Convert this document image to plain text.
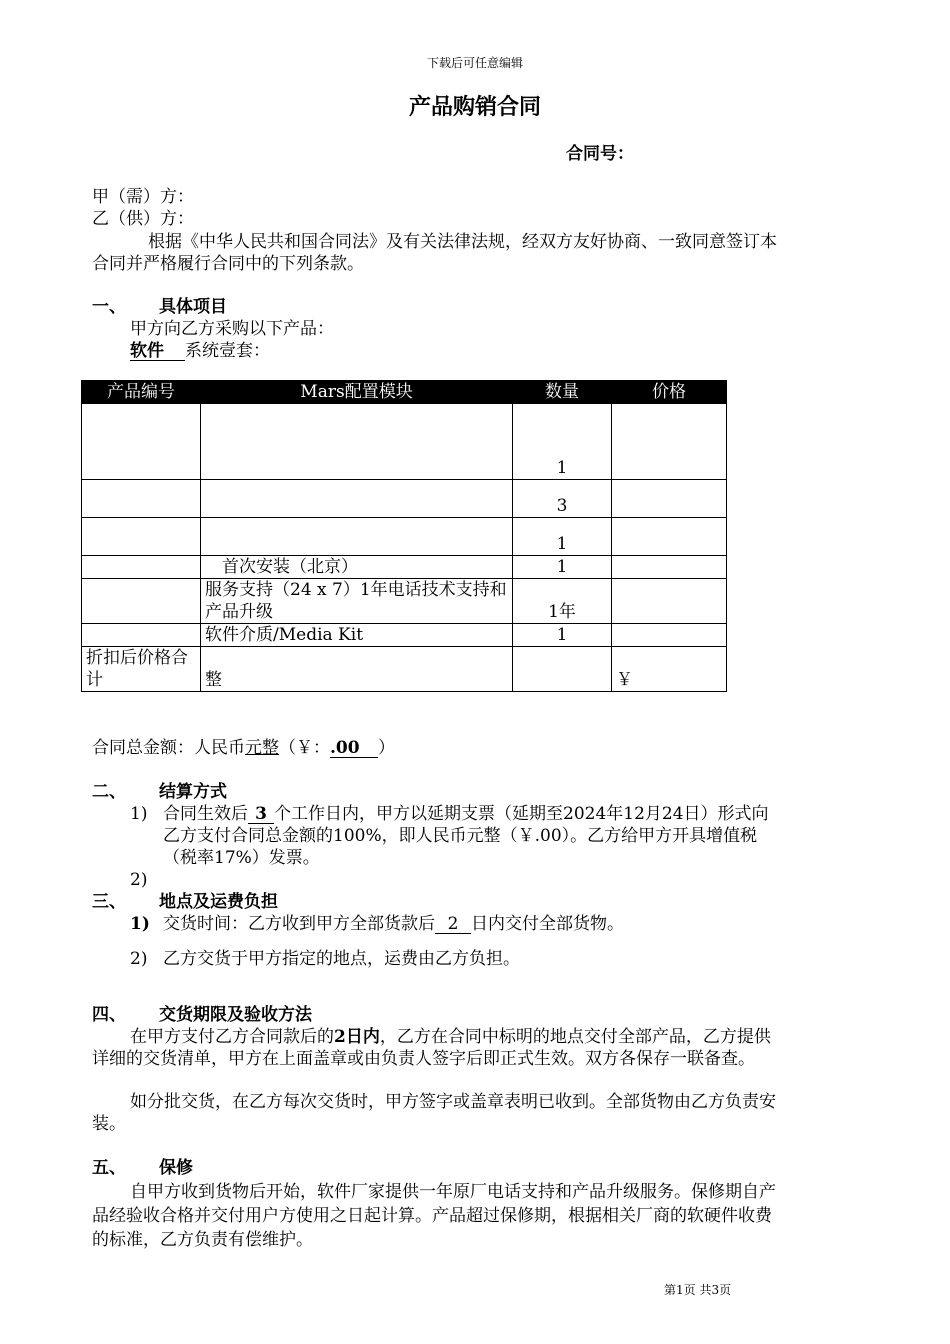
下载后可任意编辑
产品购销合同
合同号：
甲（需）方：
乙（供）方：
根据《中华人民共和国合同法》及有关法律法规，经双方友好协商、一致同意签订本
合同并严格履行合同中的下列条款。
一、 具体项目
甲方向乙方采购以下产品：
软件 系统壹套：
产品编号	Mars配置模块	数量	价格
		1	
		3	
		1	
	　首次安装（北京）	1	
	服务支持（24 x 7）1年电话技术支持和产品升级	1年	
	软件介质/Media Kit	1	
折扣后价格合计	整		￥
合同总金额：人民币元整（￥：.00 ）
二、 结算方式
1) 合同生效后 3 个工作日内，甲方以延期支票（延期至2024年12月24日）形式向
乙方支付合同总金额的100%，即人民币元整（￥.00）。乙方给甲方开具增值税
（税率17%）发票。
2)
三、 地点及运费负担
1) 交货时间：乙方收到甲方全部货款后 2 日内交付全部货物。
2) 乙方交货于甲方指定的地点，运费由乙方负担。
四、 交货期限及验收方法
在甲方支付乙方合同款后的2日内，乙方在合同中标明的地点交付全部产品，乙方提供
详细的交货清单，甲方在上面盖章或由负责人签字后即正式生效。双方各保存一联备查。
如分批交货，在乙方每次交货时，甲方签字或盖章表明已收到。全部货物由乙方负责安
装。
五、 保修
自甲方收到货物后开始，软件厂家提供一年原厂电话支持和产品升级服务。保修期自产
品经验收合格并交付用户方使用之日起计算。产品超过保修期，根据相关厂商的软硬件收费
的标准，乙方负责有偿维护。
第1页 共3页
